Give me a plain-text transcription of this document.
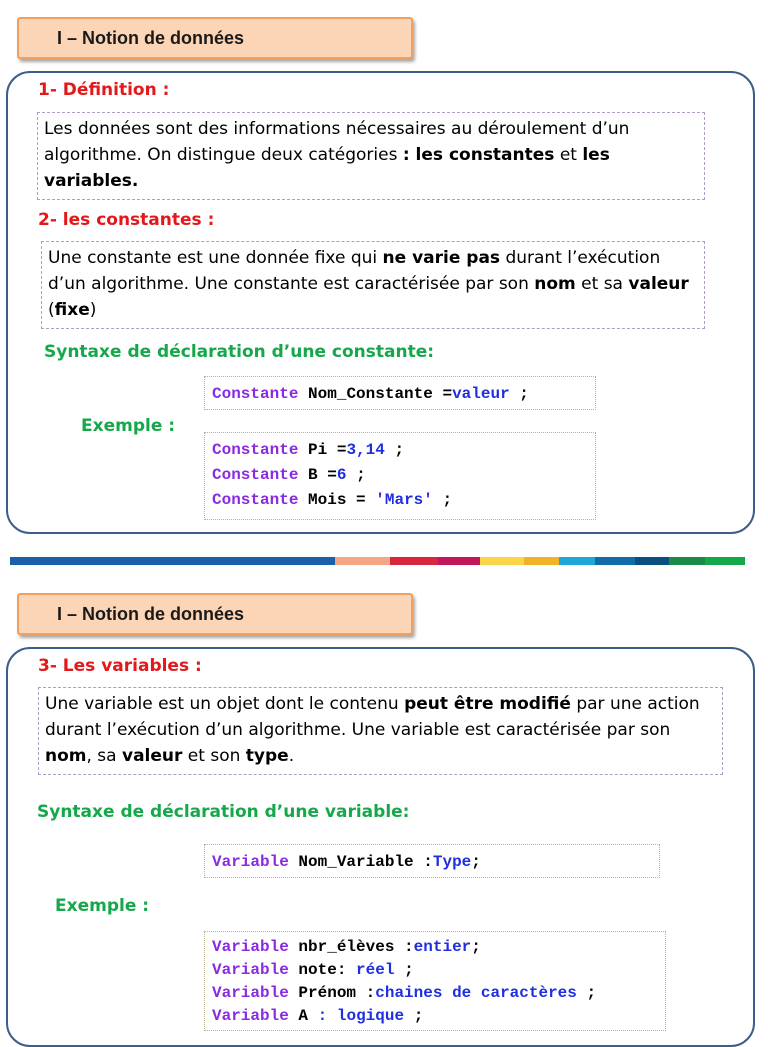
I – Notion de données
1- Définition :
Les données sont des informations nécessaires au déroulement d’un algorithme. On distingue deux catégories : les constantes et les variables.
2- les constantes :
Une constante est une donnée fixe qui ne varie pas durant l’exécution d’un algorithme. Une constante est caractérisée par son nom et sa valeur (fixe)
Syntaxe de déclaration d’une constante:
Constante Nom_Constante =valeur ;
Exemple :
Constante Pi =3,14 ;
Constante B =6 ;
Constante Mois = 'Mars' ;
I – Notion de données
3- Les variables :
Une variable est un objet dont le contenu peut être modifié par une action durant l’exécution d’un algorithme. Une variable est caractérisée par son nom, sa valeur et son type.
Syntaxe de déclaration d’une variable:
Variable Nom_Variable :Type;
Exemple :
Variable nbr_élèves :entier;
Variable note: réel ;
Variable Prénom :chaines de caractères ;
Variable A : logique ;
